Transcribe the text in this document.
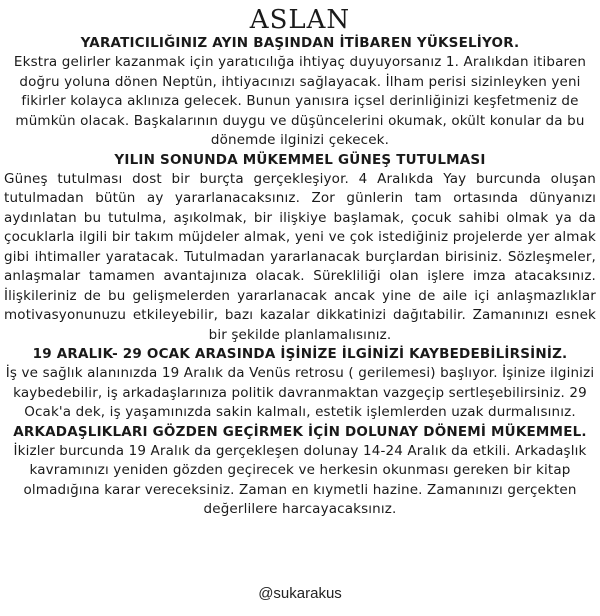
ASLAN

YARATICILIĞINIZ AYIN BAŞINDAN İTİBAREN YÜKSELİYOR.

Ekstra gelirler kazanmak için yaratıcılığa ihtiyaç duyuyorsanız 1. Aralıkdan itibaren doğru yoluna dönen Neptün, ihtiyacınızı sağlayacak. İlham perisi sizinleyken yeni fikirler kolayca aklınıza gelecek. Bunun yanısıra içsel derinliğinizi keşfetmeniz de mümkün olacak. Başkalarının duygu ve düşüncelerini okumak, okült konular da bu dönemde ilginizi çekecek.

YILIN SONUNDA MÜKEMMEL GÜNEŞ TUTULMASI

Güneş tutulması dost bir burçta gerçekleşiyor. 4 Aralıkda Yay burcunda oluşan tutulmadan bütün ay yararlanacaksınız. Zor günlerin tam ortasında dünyanızı aydınlatan bu tutulma, aşıkolmak, bir ilişkiye başlamak, çocuk sahibi olmak ya da çocuklarla ilgili bir takım müjdeler almak, yeni ve çok istediğiniz projelerde yer almak gibi ihtimaller yaratacak. Tutulmadan yararlanacak burçlardan birisiniz. Sözleşmeler, anlaşmalar tamamen avantajınıza olacak. Sürekliliği olan işlere imza atacaksınız. İlişkileriniz de bu gelişmelerden yararlanacak ancak yine de aile içi anlaşmazlıklar motivasyonunuzu etkileyebilir, bazı kazalar dikkatinizi dağıtabilir. Zamanınızı esnek bir şekilde planlamalısınız.

19 ARALIK- 29 OCAK ARASINDA İŞİNİZE İLGİNİZİ KAYBEDEBİLİRSİNİZ.

İş ve sağlık alanınızda 19 Aralık da Venüs retrosu ( gerilemesi) başlıyor. İşinize ilginizi kaybedebilir, iş arkadaşlarınıza politik davranmaktan vazgeçip sertleşebilirsiniz. 29 Ocak'a dek, iş yaşamınızda sakin kalmalı, estetik işlemlerden uzak durmalısınız.

ARKADAŞLIKLARI GÖZDEN GEÇİRMEK İÇİN DOLUNAY DÖNEMİ MÜKEMMEL.

İkizler burcunda 19 Aralık da gerçekleşen dolunay 14-24 Aralık da etkili. Arkadaşlık kavramınızı yeniden gözden geçirecek ve herkesin okunması gereken bir kitap olmadığına karar vereceksiniz. Zaman en kıymetli hazine. Zamanınızı gerçekten değerlilere harcayacaksınız.

@sukarakus
